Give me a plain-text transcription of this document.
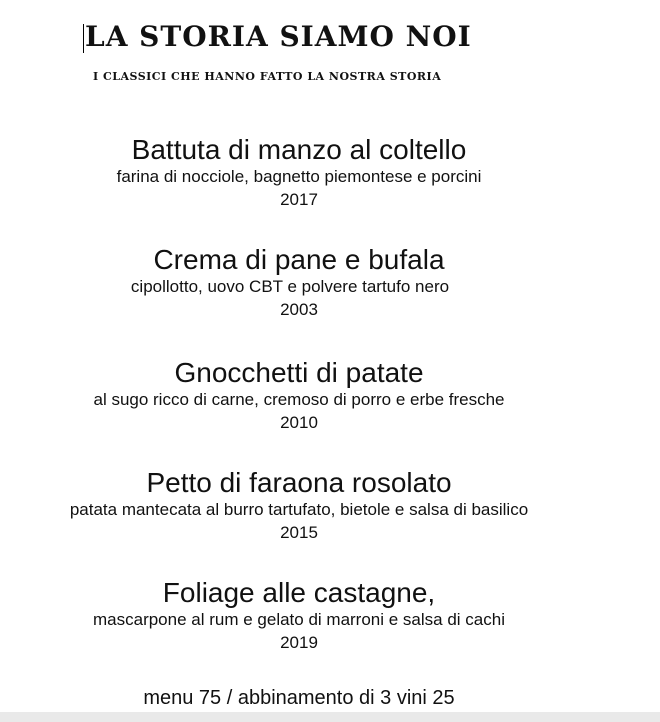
LA STORIA SIAMO NOI
I CLASSICI CHE HANNO FATTO LA NOSTRA STORIA
Battuta di manzo al coltello
farina di nocciole, bagnetto piemontese e porcini
2017
Crema di pane e bufala
cipollotto, uovo CBT e polvere tartufo nero
2003
Gnocchetti di patate
al sugo ricco di carne, cremoso di porro e erbe fresche
2010
Petto di faraona rosolato
patata mantecata al burro tartufato, bietole e salsa di basilico
2015
Foliage alle castagne,
mascarpone al rum e gelato di marroni e salsa di cachi
2019
menu 75 / abbinamento di 3 vini 25
